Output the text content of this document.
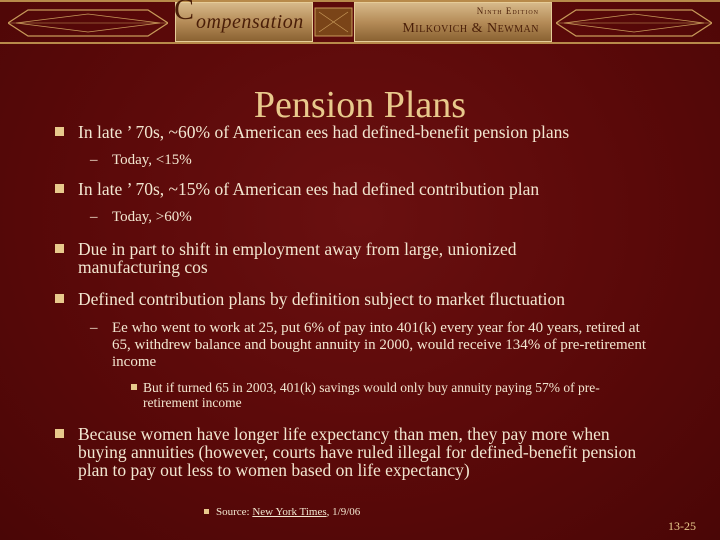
C ompensation	Ninth Edition
Milkovich & Newman
Pension Plans

In late ’ 70s, ~60% of American ees had defined-benefit pension plans

– Today, <15%

In late ’ 70s, ~15% of American ees had defined contribution plan

– Today, >60%

Due in part to shift in employment away from large, unionized manufacturing cos

Defined contribution plans by definition subject to market fluctuation

– Ee who went to work at 25, put 6% of pay into 401(k) every year for 40 years, retired at 65, withdrew balance and bought annuity in 2000, would receive 134% of pre-retirement income

But if turned 65 in 2003, 401(k) savings would only buy annuity paying 57% of pre-retirement income

Because women have longer life expectancy than men, they pay more when buying annuities (however, courts have ruled illegal for defined-benefit pension plan to pay out less to women based on life expectancy)

Source: New York Times, 1/9/06

13-25
